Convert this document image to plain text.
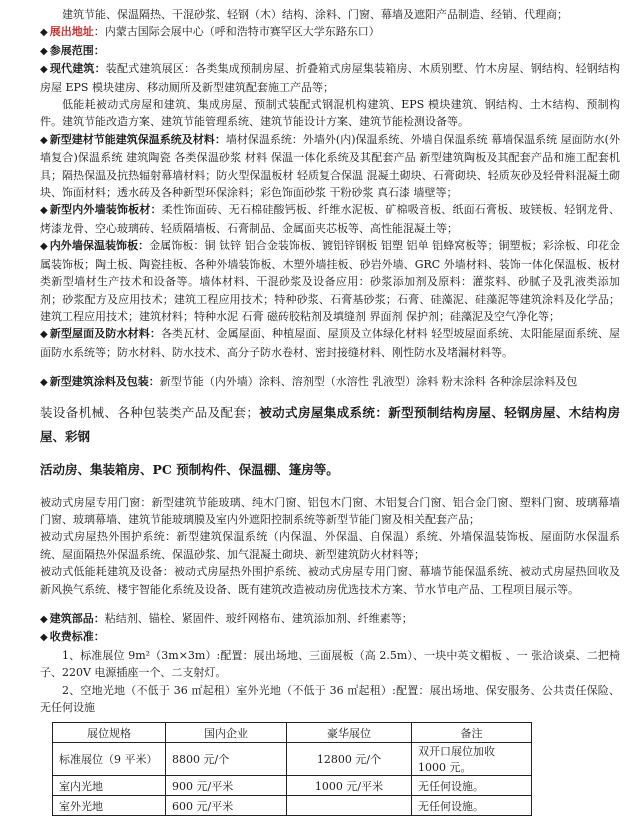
建筑节能、保温隔热、干混砂浆、轻钢（木）结构、涂料、门窗、幕墙及遮阳产品制造、经销、代理商；

◆ 展出地址：内蒙古国际会展中心（呼和浩特市赛罕区大学东路东口）

◆ 参展范围：

◆ 现代建筑：装配式建筑展区：各类集成预制房屋、折叠箱式房屋集装箱房、木质别墅、竹木房屋、钢结构、轻钢结构房屋 EPS 模块建房、移动厕所及新型建筑配套施工产品等；

低能耗被动式房屋和建筑、集成房屋、预制式装配式钢混机构建筑、EPS 模块建筑、钢结构、土木结构、预制构件。建筑节能改造方案、建筑节能管理系统、建筑节能设计方案、建筑节能检测设备等。

◆ 新型建材节能建筑保温系统及材料：墙材保温系统：外墙外(内)保温系统、外墙自保温系统 幕墙保温系统 屋面防水(外墙复合)保温系统 建筑陶瓷 各类保温砂浆 材料 保温一体化系统及其配套产品 新型建筑陶板及其配套产品和施工配套机具；隔热保温及抗热辐射幕墙材料；防火型保温板材 轻质复合保温 混凝土砌块、石膏砌块、轻质灰砂及轻骨料混凝土砌块、饰面材料；透水砖及各种新型环保涂料；彩色饰面砂浆 干粉砂浆 真石漆 墙壁等；

◆ 新型内外墙装饰板材：柔性饰面砖、无石棉硅酸钙板、纤维水泥板、矿棉吸音板、纸面石膏板、玻镁板、轻钢龙骨、烤漆龙骨、空心玻璃砖、轻质隔墙板、石膏制品、金属面夹芯板等、高性能混凝土等；

◆ 内外墙保温装饰板：金属饰板：铜 钛锌 铝合金装饰板、镀铝锌钢板 铝塑 铝单 铝蜂窝板等；铜塑板；彩涂板、印花金属装饰板；陶土板、陶瓷挂板、各种外墙装饰板、木塑外墙挂板、砂岩外墙、GRC 外墙材料、装饰一体化保温板、板材类新型墙材生产技术和设备等。墙体材料、干混砂浆及设备应用：砂浆添加剂及原料：灌浆料、砂腻子及乳液类添加剂；砂浆配方及应用技术；建筑工程应用技术；特种砂浆、石膏基砂浆；石膏、硅藻泥、硅藻泥等建筑涂料及化学品；建筑工程应用技术；建筑材料；特种水泥 石膏 磁砖胶粘剂及填缝剂 界面剂 保护剂；硅藻泥及空气净化等；

◆ 新型屋面及防水材料：各类瓦材、金属屋面、种植屋面、屋顶及立体绿化材料 轻型坡屋面系统、太阳能屋面系统、屋面防水系统等；防水材料、防水技术、高分子防水卷材、密封接缝材料、刚性防水及堵漏材料等。

◆ 新型建筑涂料及包装：新型节能（内外墙）涂料、溶剂型（水溶性 乳液型）涂料 粉末涂料 各种涂层涂料及包

装设备机械、各种包装类产品及配套；被动式房屋集成系统：新型预制结构房屋、轻钢房屋、木结构房屋、彩钢

活动房、集装箱房、PC 预制构件、保温棚、篷房等。

被动式房屋专用门窗：新型建筑节能玻璃、纯木门窗、铝包木门窗、木铝复合门窗、铝合金门窗、塑料门窗、玻璃幕墙门窗、玻璃幕墙、建筑节能玻璃膜及室内外遮阳控制系统等新型节能门窗及相关配套产品；

被动式房屋热外围护系统：新型建筑保温系统（内保温、外保温、自保温）系统、外墙保温装饰板、屋面防水保温系统、屋面隔热外保温系统、保温砂浆、加气混凝土砌块、新型建筑防火材料等；

被动式低能耗建筑及设备：被动式房屋热外围护系统、被动式房屋专用门窗、幕墙节能保温系统、被动式房屋热回收及新风换气系统、楼宇智能化系统及设备、既有建筑改造被动房优选技术方案、节水节电产品、工程项目展示等。

◆ 建筑部品：粘结剂、锚栓、紧固件、玻纤网格布、建筑添加剂、纤维素等；

◆ 收费标准：

1、标准展位 9m²（3m×3m）:配置：展出场地、三面展板（高 2.5m）、一块中英文楣板 、一 张洽谈桌、二把椅子、220V 电源插座一个、二支射灯。

2、空地光地（不低于 36 ㎡起租）室外光地（不低于 36 ㎡起租）:配置：展出场地、保安服务、公共责任保险、无任何设施

展位规格	国内企业	豪华展位	备注
标准展位（9 平米）	8800 元/个	12800 元/个	双开口展位加收 1000 元。
室内光地	900 元/平米	1000 元/平米	无任何设施。
室外光地	600 元/平米		无任何设施。
